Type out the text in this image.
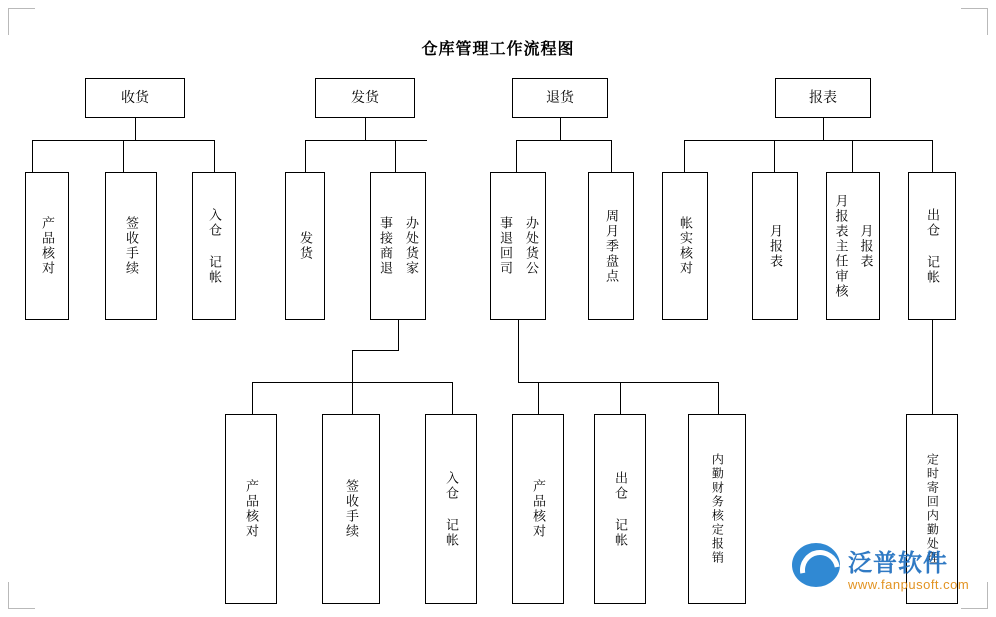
仓库管理工作流程图
收货
产品核对	签收手续	入仓 记帐
发货
发货	办处货家
事接商退
产品核对	签收手续	入仓 记帐
退货
办处货公
事退回司	周月季盘点
产品核对	出仓 记帐	内勤财务核定报销
报表
帐实核对	月报表	月报表
月报表主任审核	出仓 记帐
定时寄回内勤处理
泛普软件
www.fanpusoft.com
